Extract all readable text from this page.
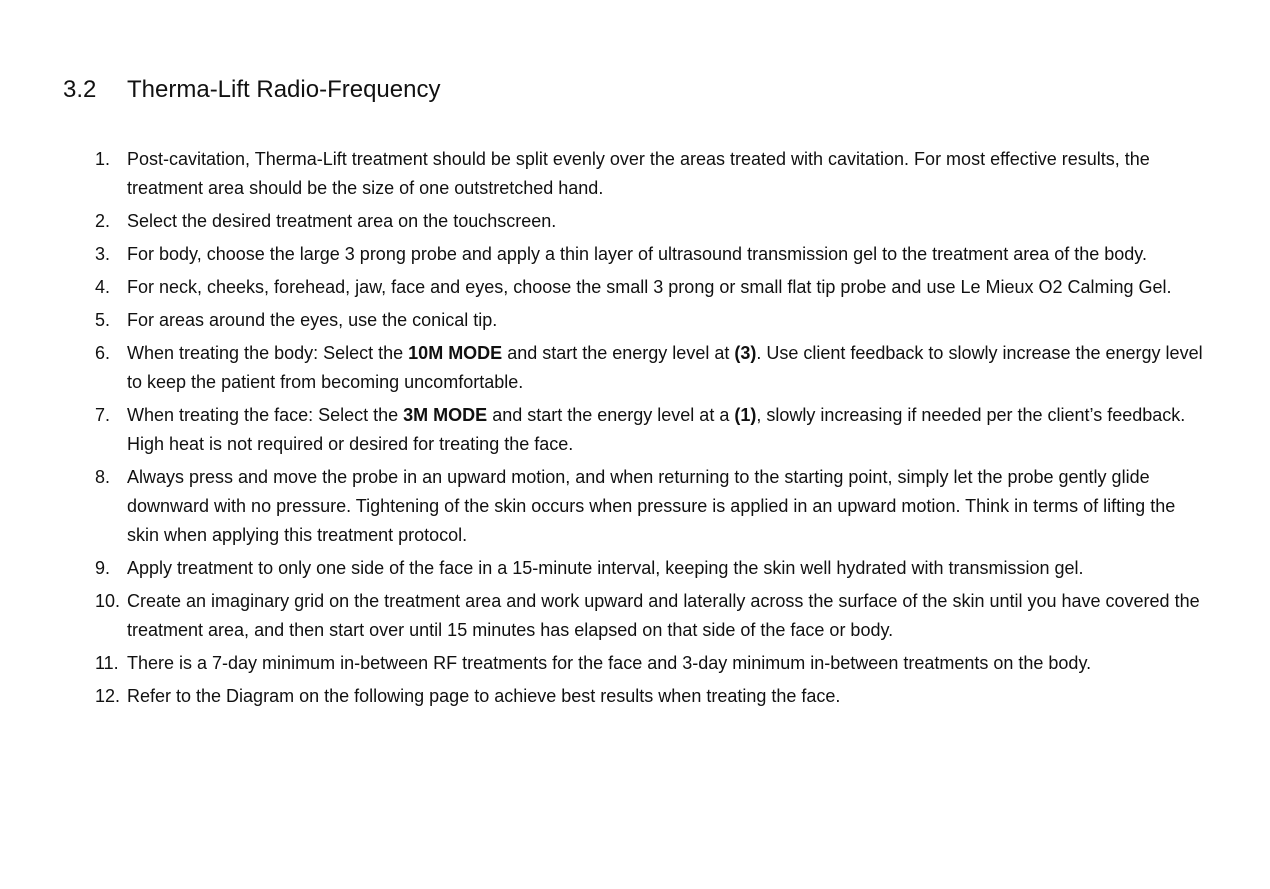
3.2 Therma-Lift Radio-Frequency
1. Post-cavitation, Therma-Lift treatment should be split evenly over the areas treated with cavitation. For most effective results, the treatment area should be the size of one outstretched hand.
2. Select the desired treatment area on the touchscreen.
3. For body, choose the large 3 prong probe and apply a thin layer of ultrasound transmission gel to the treatment area of the body.
4. For neck, cheeks, forehead, jaw, face and eyes, choose the small 3 prong or small flat tip probe and use Le Mieux O2 Calming Gel.
5. For areas around the eyes, use the conical tip.
6. When treating the body: Select the 10M MODE and start the energy level at (3). Use client feedback to slowly increase the energy level to keep the patient from becoming uncomfortable.
7. When treating the face: Select the 3M MODE and start the energy level at a (1), slowly increasing if needed per the client’s feedback. High heat is not required or desired for treating the face.
8. Always press and move the probe in an upward motion, and when returning to the starting point, simply let the probe gently glide downward with no pressure. Tightening of the skin occurs when pressure is applied in an upward motion. Think in terms of lifting the skin when applying this treatment protocol.
9. Apply treatment to only one side of the face in a 15-minute interval, keeping the skin well hydrated with transmission gel.
10. Create an imaginary grid on the treatment area and work upward and laterally across the surface of the skin until you have covered the treatment area, and then start over until 15 minutes has elapsed on that side of the face or body.
11. There is a 7-day minimum in-between RF treatments for the face and 3-day minimum in-between treatments on the body.
12. Refer to the Diagram on the following page to achieve best results when treating the face.
